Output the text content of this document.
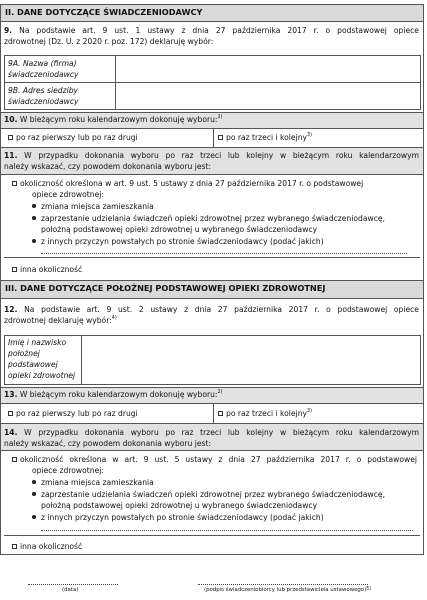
II. DANE DOTYCZĄCE ŚWIADCZENIODAWCY
9. Na podstawie art. 9 ust. 1 ustawy z dnia 27 października 2017 r. o podstawowej opiece
zdrowotnej (Dz. U. z 2020 r. poz. 172) deklaruję wybór:
9A. Nazwa (firma)
świadczeniodawcy
9B. Adres siedziby
świadczeniodawcy
10. W bieżącym roku kalendarzowym dokonuję wyboru:$^{2)}$
po raz pierwszy lub po raz drugi	po raz trzeci i kolejny$^{3)}$
11. W przypadku dokonania wyboru po raz trzeci lub kolejny w bieżącym roku kalendarzowym
należy wskazać, czy powodem dokonania wyboru jest:
okoliczność określona w art. 9 ust. 5 ustawy z dnia 27 października 2017 r. o podstawowej
opiece zdrowotnej:
zmiana miejsca zamieszkania
zaprzestanie udzielania świadczeń opieki zdrowotnej przez wybranego świadczeniodawcę,
położną podstawowej opieki zdrowotnej u wybranego świadczeniodawcy
z innych przyczyn powstałych po stronie świadczeniodawcy (podać jakich)
inna okoliczność
III. DANE DOTYCZĄCE POŁOŻNEJ PODSTAWOWEJ OPIEKI ZDROWOTNEJ
12. Na podstawie art. 9 ust. 2 ustawy z dnia 27 października 2017 r. o podstawowej opiece
zdrowotnej deklaruję wybór:$^{4)}$
Imię i nazwisko
położnej
podstawowej
opieki zdrowotnej
13. W bieżącym roku kalendarzowym dokonuję wyboru:$^{2)}$
po raz pierwszy lub po raz drugi	po raz trzeci i kolejny$^{3)}$
14. W przypadku dokonania wyboru po raz trzeci lub kolejny w bieżącym roku kalendarzowym
należy wskazać, czy powodem dokonania wyboru jest:
okoliczność określona w art. 9 ust. 5 ustawy z dnia 27 października 2017 r. o podstawowej
opiece zdrowotnej:
zmiana miejsca zamieszkania
zaprzestanie udzielania świadczeń opieki zdrowotnej przez wybranego świadczeniodawcę,
położną podstawowej opieki zdrowotnej u wybranego świadczeniodawcy
z innych przyczyn powstałych po stronie świadczeniodawcy (podać jakich)
inna okoliczność
(data)	(podpis świadczeniobiorcy lub przedstawiciela ustawowego)$^{5)}$
